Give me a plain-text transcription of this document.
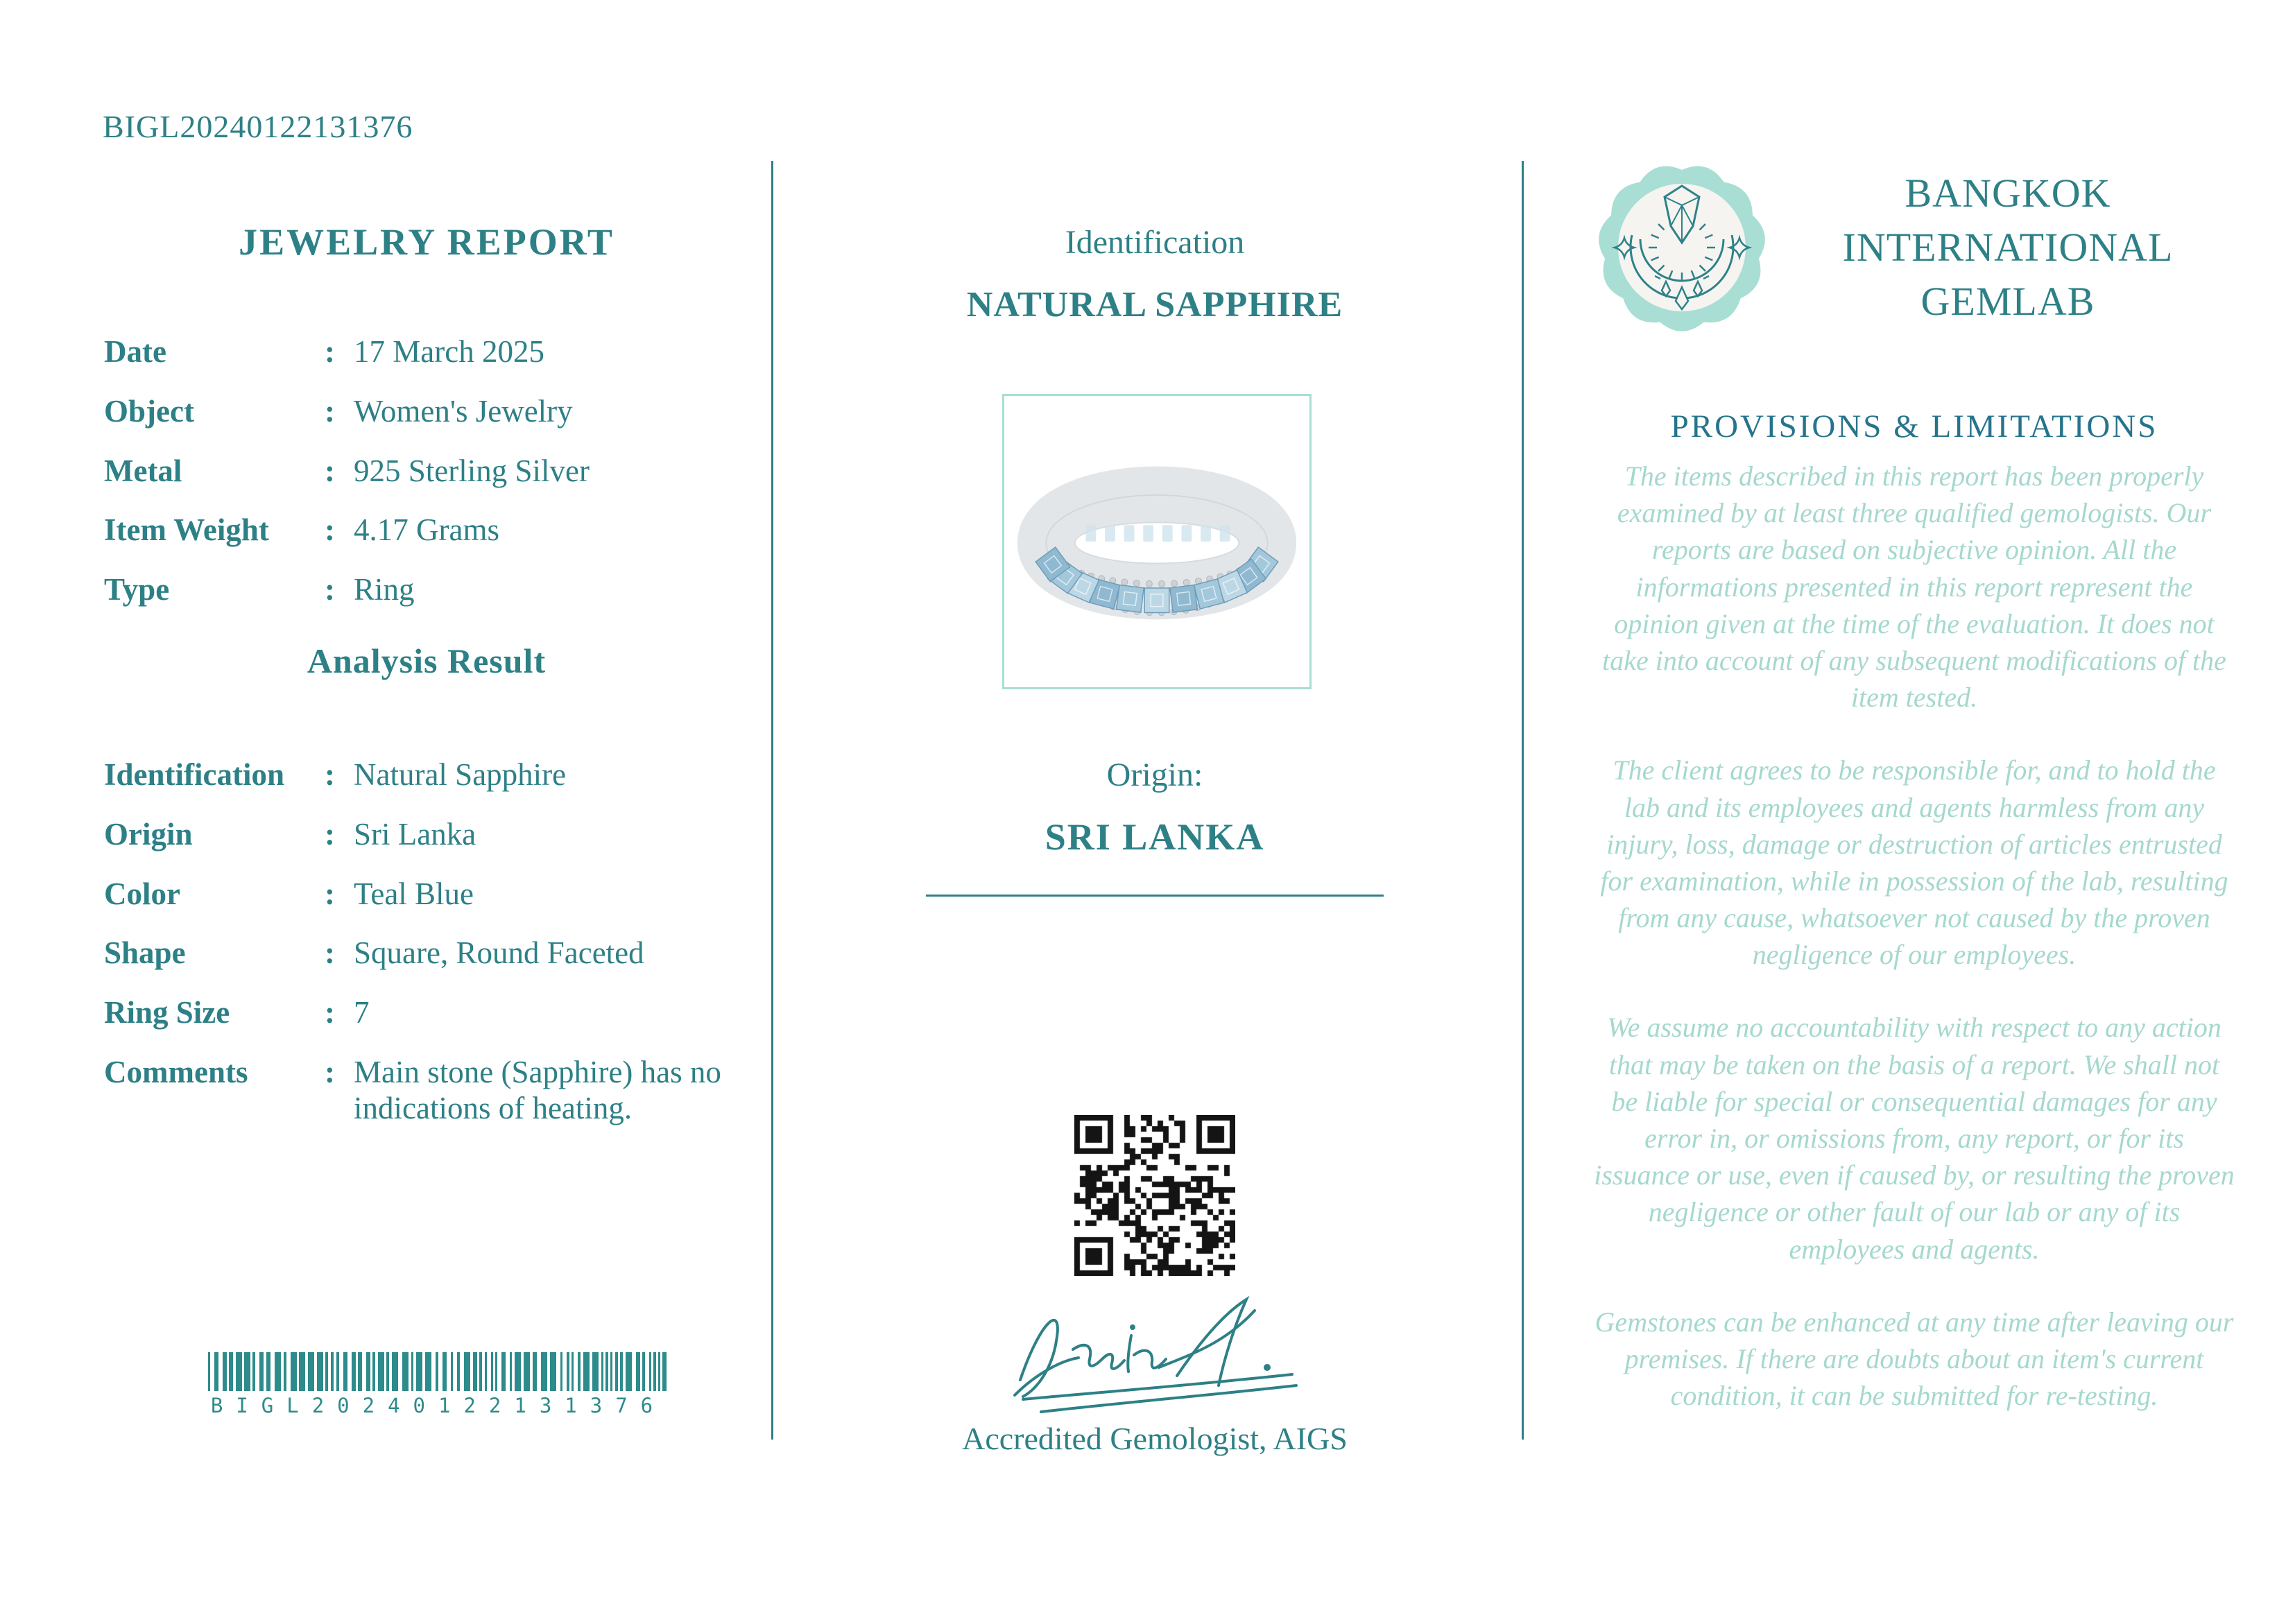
BIGL20240122131376
JEWELRY REPORT
Date	: 17 March 2025
Object	: Women's Jewelry
Metal	: 925 Sterling Silver
Item Weight	: 4.17 Grams
Type	: Ring
Analysis Result
Identification	: Natural Sapphire
Origin	: Sri Lanka
Color	: Teal Blue
Shape	: Square, Round Faceted
Ring Size	: 7
Comments	: Main stone (Sapphire) has no indications of heating.
BIGL20240122131376
Identification
NATURAL SAPPHIRE
Origin:
SRI LANKA
Accredited Gemologist, AIGS
BANGKOK
INTERNATIONAL
GEMLAB
PROVISIONS & LIMITATIONS

The items described in this report has been properly examined by at least three qualified gemologists. Our reports are based on subjective opinion. All the informations presented in this report represent the opinion given at the time of the evaluation. It does not take into account of any subsequent modifications of the item tested.

The client agrees to be responsible for, and to hold the lab and its employees and agents harmless from any injury, loss, damage or destruction of articles entrusted for examination, while in possession of the lab, resulting from any cause, whatsoever not caused by the proven negligence of our employees.

We assume no accountability with respect to any action that may be taken on the basis of a report. We shall not be liable for special or consequential damages for any error in, or omissions from, any report, or for its issuance or use, even if caused by, or resulting the proven negligence or other fault of our lab or any of its employees and agents.

Gemstones can be enhanced at any time after leaving our premises. If there are doubts about an item's current condition, it can be submitted for re-testing.
